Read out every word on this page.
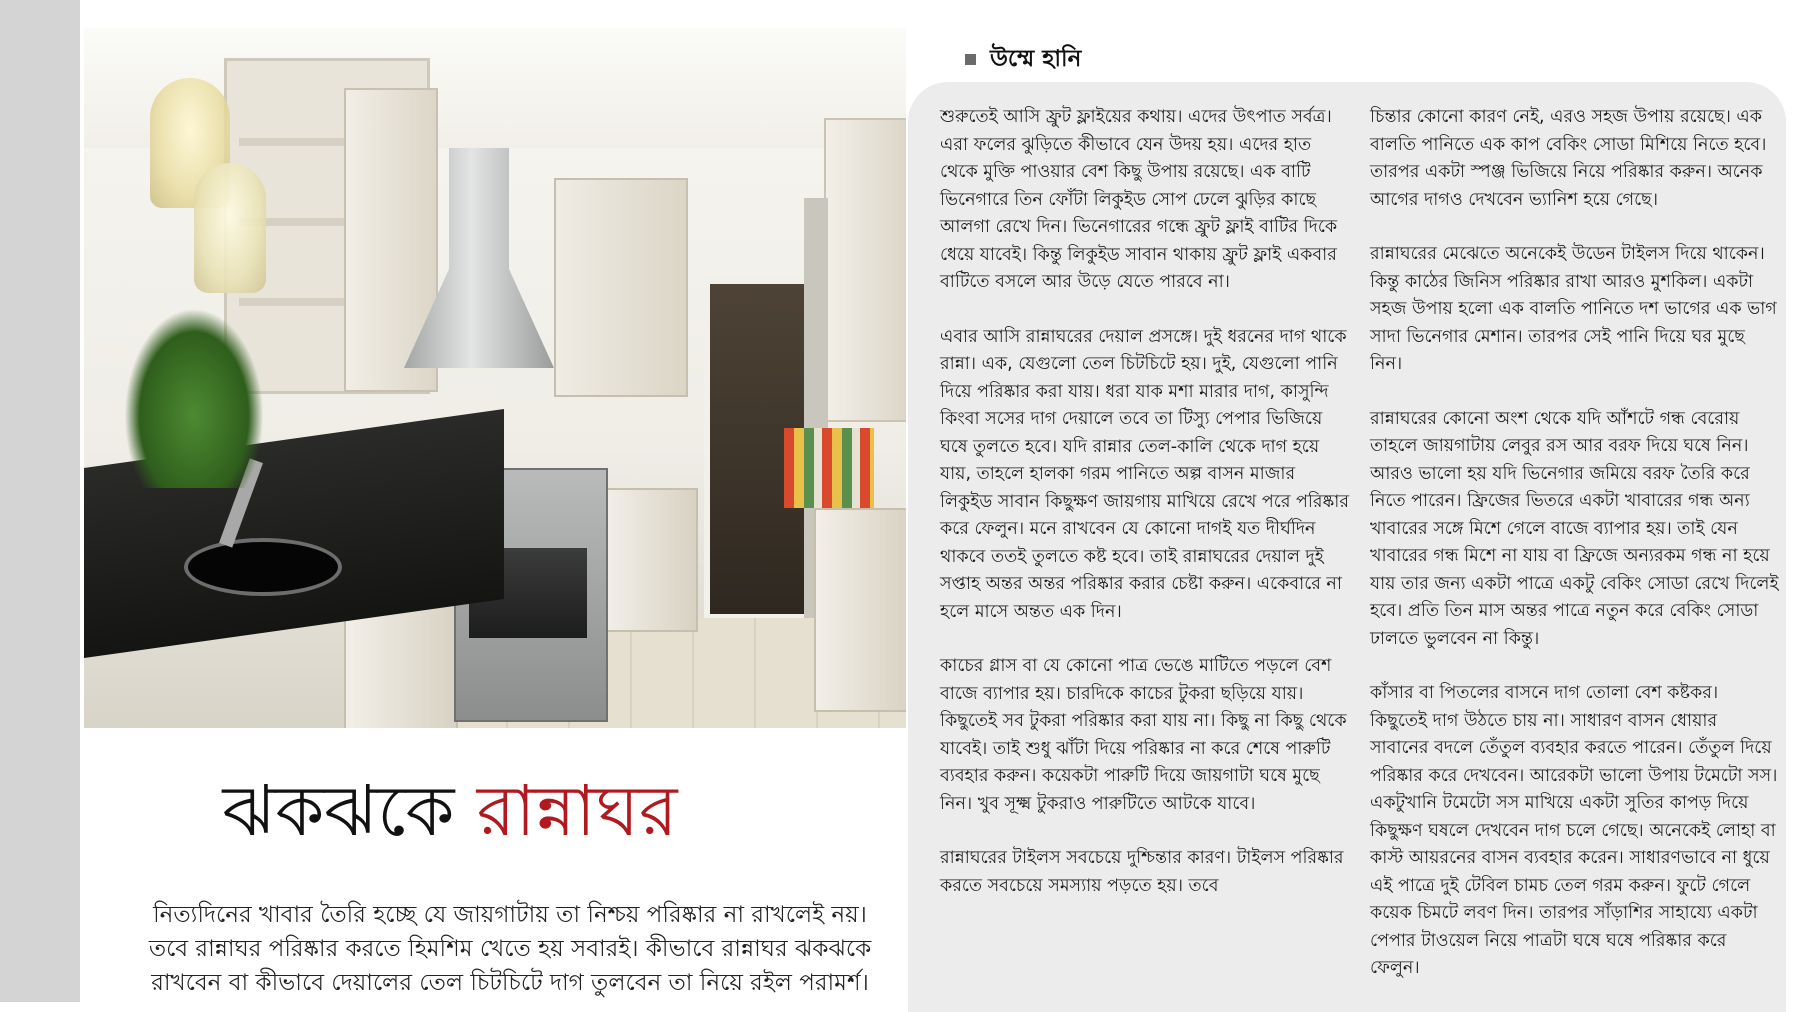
ঝকঝকে রান্নাঘর
নিত্যদিনের খাবার তৈরি হচ্ছে যে জায়গাটায় তা নিশ্চয় পরিষ্কার না রাখলেই নয়। তবে রান্নাঘর পরিষ্কার করতে হিমশিম খেতে হয় সবারই। কীভাবে রান্নাঘর ঝকঝকে রাখবেন বা কীভাবে দেয়ালের তেল চিটচিটে দাগ তুলবেন তা নিয়ে রইল পরামর্শ।
উম্মে হানি

শুরুতেই আসি ফ্রুট ফ্লাইয়ের কথায়। এদের উৎপাত সর্বত্র। এরা ফলের ঝুড়িতে কীভাবে যেন উদয় হয়। এদের হাত থেকে মুক্তি পাওয়ার বেশ কিছু উপায় রয়েছে। এক বাটি ভিনেগারে তিন ফোঁটা লিকুইড সোপ ঢেলে ঝুড়ির কাছে আলগা রেখে দিন। ভিনেগারের গন্ধে ফ্রুট ফ্লাই বাটির দিকে ধেয়ে যাবেই। কিন্তু লিকুইড সাবান থাকায় ফ্রুট ফ্লাই একবার বাটিতে বসলে আর উড়ে যেতে পারবে না।

এবার আসি রান্নাঘরের দেয়াল প্রসঙ্গে। দুই ধরনের দাগ থাকে রান্না। এক, যেগুলো তেল চিটচিটে হয়। দুই, যেগুলো পানি দিয়ে পরিষ্কার করা যায়। ধরা যাক মশা মারার দাগ, কাসুন্দি কিংবা সসের দাগ দেয়ালে তবে তা টিস্যু পেপার ভিজিয়ে ঘষে তুলতে হবে। যদি রান্নার তেল-কালি থেকে দাগ হয়ে যায়, তাহলে হালকা গরম পানিতে অল্প বাসন মাজার লিকুইড সাবান কিছুক্ষণ জায়গায় মাখিয়ে রেখে পরে পরিষ্কার করে ফেলুন। মনে রাখবেন যে কোনো দাগই যত দীর্ঘদিন থাকবে ততই তুলতে কষ্ট হবে। তাই রান্নাঘরের দেয়াল দুই সপ্তাহ অন্তর অন্তর পরিষ্কার করার চেষ্টা করুন। একেবারে না হলে মাসে অন্তত এক দিন।

কাচের গ্লাস বা যে কোনো পাত্র ভেঙে মাটিতে পড়লে বেশ বাজে ব্যাপার হয়। চারদিকে কাচের টুকরা ছড়িয়ে যায়। কিছুতেই সব টুকরা পরিষ্কার করা যায় না। কিছু না কিছু থেকে যাবেই। তাই শুধু ঝাঁটা দিয়ে পরিষ্কার না করে শেষে পারুটি ব্যবহার করুন। কয়েকটা পারুটি দিয়ে জায়গাটা ঘষে মুছে নিন। খুব সূক্ষ্ম টুকরাও পারুটিতে আটকে যাবে।

রান্নাঘরের টাইলস সবচেয়ে দুশ্চিন্তার কারণ। টাইলস পরিষ্কার করতে সবচেয়ে সমস্যায় পড়তে হয়। তবে

চিন্তার কোনো কারণ নেই, এরও সহজ উপায় রয়েছে। এক বালতি পানিতে এক কাপ বেকিং সোডা মিশিয়ে নিতে হবে। তারপর একটা স্পঞ্জ ভিজিয়ে নিয়ে পরিষ্কার করুন। অনেক আগের দাগও দেখবেন ভ্যানিশ হয়ে গেছে।

রান্নাঘরের মেঝেতে অনেকেই উডেন টাইলস দিয়ে থাকেন। কিন্তু কাঠের জিনিস পরিষ্কার রাখা আরও মুশকিল। একটা সহজ উপায় হলো এক বালতি পানিতে দশ ভাগের এক ভাগ সাদা ভিনেগার মেশান। তারপর সেই পানি দিয়ে ঘর মুছে নিন।

রান্নাঘরের কোনো অংশ থেকে যদি আঁশটে গন্ধ বেরোয় তাহলে জায়গাটায় লেবুর রস আর বরফ দিয়ে ঘষে নিন। আরও ভালো হয় যদি ভিনেগার জমিয়ে বরফ তৈরি করে নিতে পারেন। ফ্রিজের ভিতরে একটা খাবারের গন্ধ অন্য খাবারের সঙ্গে মিশে গেলে বাজে ব্যাপার হয়। তাই যেন খাবারের গন্ধ মিশে না যায় বা ফ্রিজে অন্যরকম গন্ধ না হয়ে যায় তার জন্য একটা পাত্রে একটু বেকিং সোডা রেখে দিলেই হবে। প্রতি তিন মাস অন্তর পাত্রে নতুন করে বেকিং সোডা ঢালতে ভুলবেন না কিন্তু।

কাঁসার বা পিতলের বাসনে দাগ তোলা বেশ কষ্টকর। কিছুতেই দাগ উঠতে চায় না। সাধারণ বাসন ধোয়ার সাবানের বদলে তেঁতুল ব্যবহার করতে পারেন। তেঁতুল দিয়ে পরিষ্কার করে দেখবেন। আরেকটা ভালো উপায় টমেটো সস। একটুখানি টমেটো সস মাখিয়ে একটা সুতির কাপড় দিয়ে কিছুক্ষণ ঘষলে দেখবেন দাগ চলে গেছে। অনেকেই লোহা বা কাস্ট আয়রনের বাসন ব্যবহার করেন। সাধারণভাবে না ধুয়ে এই পাত্রে দুই টেবিল চামচ তেল গরম করুন। ফুটে গেলে কয়েক চিমটে লবণ দিন। তারপর সাঁড়াশির সাহায্যে একটা পেপার টাওয়েল নিয়ে পাত্রটা ঘষে ঘষে পরিষ্কার করে ফেলুন।
